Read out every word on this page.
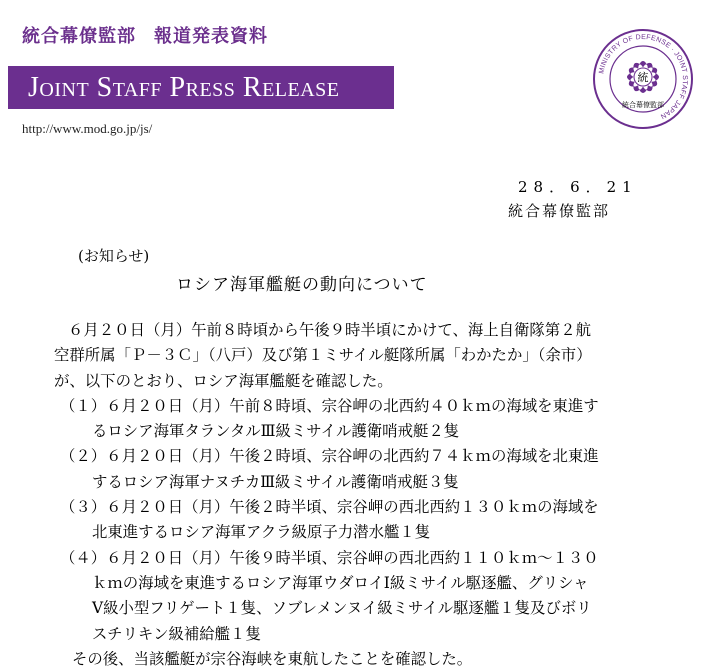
統合幕僚監部 報道発表資料
Joint Staff Press Release
http://www.mod.go.jp/js/
MINISTRY OF DEFENSE · JOINT STAFF JAPAN
統
統合幕僚監部
28．6．21
統合幕僚監部
(お知らせ)
ロシア海軍艦艇の動向について
６月２０日（月）午前８時頃から午後９時半頃にかけて、海上自衛隊第２航
空群所属「Ｐ－３Ｃ」（八戸）及び第１ミサイル艇隊所属「わかたか」（余市）
が、以下のとおり、ロシア海軍艦艇を確認した。
（１）６月２０日（月）午前８時頃、宗谷岬の北西約４０ｋｍの海域を東進す
るロシア海軍タランタルⅢ級ミサイル護衛哨戒艇２隻
（２）６月２０日（月）午後２時頃、宗谷岬の北西約７４ｋｍの海域を北東進
するロシア海軍ナヌチカⅢ級ミサイル護衛哨戒艇３隻
（３）６月２０日（月）午後２時半頃、宗谷岬の西北西約１３０ｋｍの海域を
北東進するロシア海軍アクラ級原子力潜水艦１隻
（４）６月２０日（月）午後９時半頃、宗谷岬の西北西約１１０ｋｍ～１３０
ｋｍの海域を東進するロシア海軍ウダロイⅠ級ミサイル駆逐艦、グリシャ
Ⅴ級小型フリゲート１隻、ソブレメンヌイ級ミサイル駆逐艦１隻及びボリ
スチリキン級補給艦１隻
その後、当該艦艇が宗谷海峡を東航したことを確認した。
